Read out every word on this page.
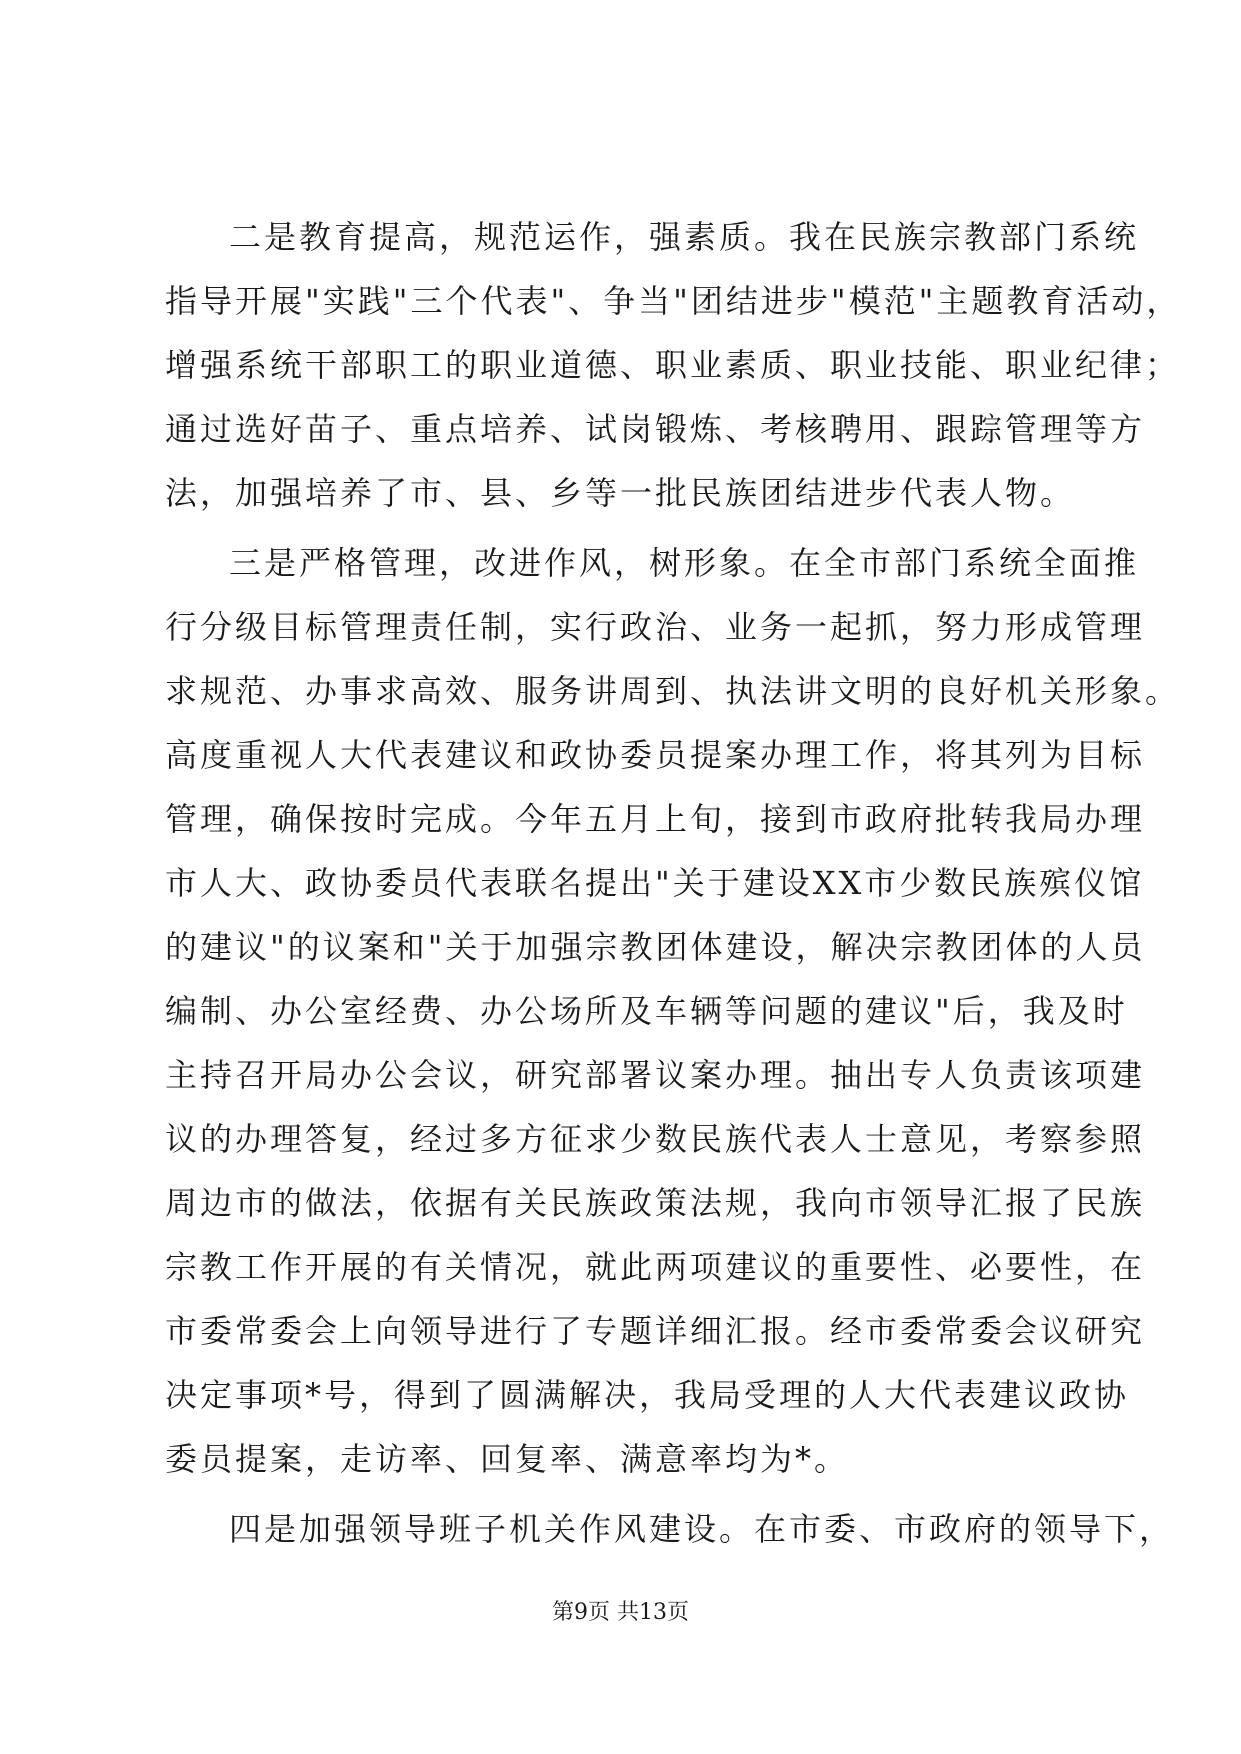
二是教育提高，规范运作，强素质。我在民族宗教部门系统
指导开展"实践"三个代表"、争当"团结进步"模范"主题教育活动，
增强系统干部职工的职业道德、职业素质、职业技能、职业纪律；
通过选好苗子、重点培养、试岗锻炼、考核聘用、跟踪管理等方
法，加强培养了市、县、乡等一批民族团结进步代表人物。
三是严格管理，改进作风，树形象。在全市部门系统全面推
行分级目标管理责任制，实行政治、业务一起抓，努力形成管理
求规范、办事求高效、服务讲周到、执法讲文明的良好机关形象。
高度重视人大代表建议和政协委员提案办理工作，将其列为目标
管理，确保按时完成。今年五月上旬，接到市政府批转我局办理
市人大、政协委员代表联名提出"关于建设XX市少数民族殡仪馆
的建议"的议案和"关于加强宗教团体建设，解决宗教团体的人员
编制、办公室经费、办公场所及车辆等问题的建议"后，我及时
主持召开局办公会议，研究部署议案办理。抽出专人负责该项建
议的办理答复，经过多方征求少数民族代表人士意见，考察参照
周边市的做法，依据有关民族政策法规，我向市领导汇报了民族
宗教工作开展的有关情况，就此两项建议的重要性、必要性，在
市委常委会上向领导进行了专题详细汇报。经市委常委会议研究
决定事项*号，得到了圆满解决，我局受理的人大代表建议政协
委员提案，走访率、回复率、满意率均为*。
四是加强领导班子机关作风建设。在市委、市政府的领导下，
第9页 共13页
